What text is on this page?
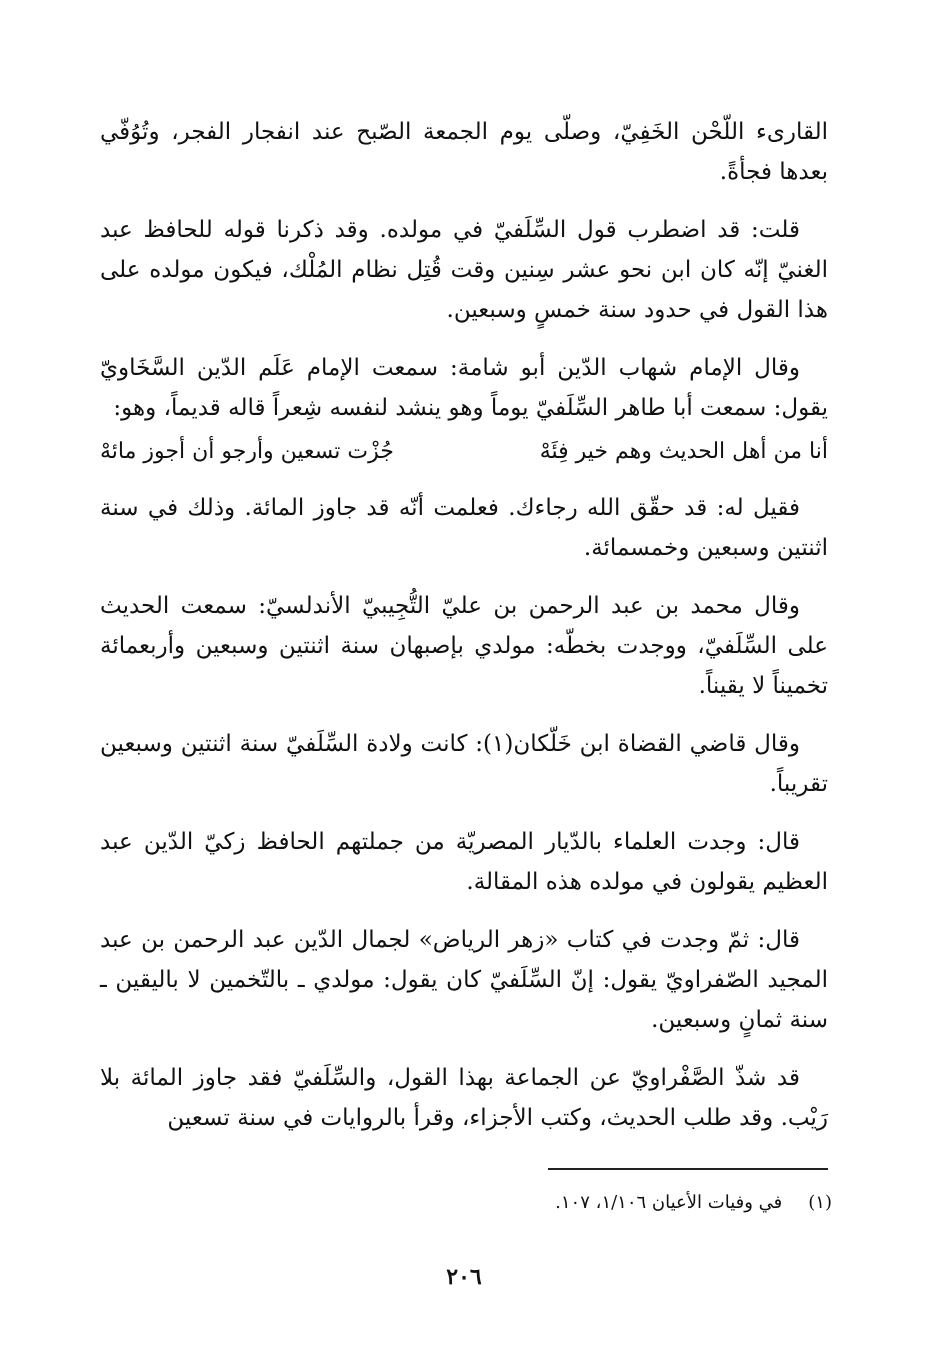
القارىء اللّحْن الخَفِيّ، وصلّى يوم الجمعة الصّبح عند انفجار الفجر، وتُوُفّي بعدها فجأةً.

قلت: قد اضطرب قول السِّلَفيّ في مولده. وقد ذكرنا قوله للحافظ عبد الغنيّ إنّه كان ابن نحو عشر سِنين وقت قُتِل نظام المُلْك، فيكون مولده على هذا القول في حدود سنة خمسٍ وسبعين.

وقال الإمام شهاب الدّين أبو شامة: سمعت الإمام عَلَم الدّين السَّخَاويّ يقول: سمعت أبا طاهر السِّلَفيّ يوماً وهو ينشد لنفسه شِعراً قاله قديماً، وهو:

أنا من أهل الحديث وهم خير فِئَهْ
جُزْت تسعين وأرجو أن أجوز مائهْ

فقيل له: قد حقّق الله رجاءك. فعلمت أنّه قد جاوز المائة. وذلك في سنة اثنتين وسبعين وخمسمائة.

وقال محمد بن عبد الرحمن بن عليّ التُّجِيبيّ الأندلسيّ: سمعت الحديث على السِّلَفيّ، ووجدت بخطّه: مولدي بإصبهان سنة اثنتين وسبعين وأربعمائة تخميناً لا يقيناً.

وقال قاضي القضاة ابن خَلّكان(١): كانت ولادة السِّلَفيّ سنة اثنتين وسبعين تقريباً.

قال: وجدت العلماء بالدّيار المصريّة من جملتهم الحافظ زكيّ الدّين عبد العظيم يقولون في مولده هذه المقالة.

قال: ثمّ وجدت في كتاب «زهر الرياض» لجمال الدّين عبد الرحمن بن عبد المجيد الصّفراويّ يقول: إنّ السِّلَفيّ كان يقول: مولدي ـ بالتّخمين لا باليقين ـ سنة ثمانٍ وسبعين.

قد شذّ الصَّفْراويّ عن الجماعة بهذا القول، والسِّلَفيّ فقد جاوز المائة بلا رَيْب. وقد طلب الحديث، وكتب الأجزاء، وقرأ بالروايات في سنة تسعين

(١)في وفيات الأعيان ١/١٠٦، ١٠٧.
٢٠٦
